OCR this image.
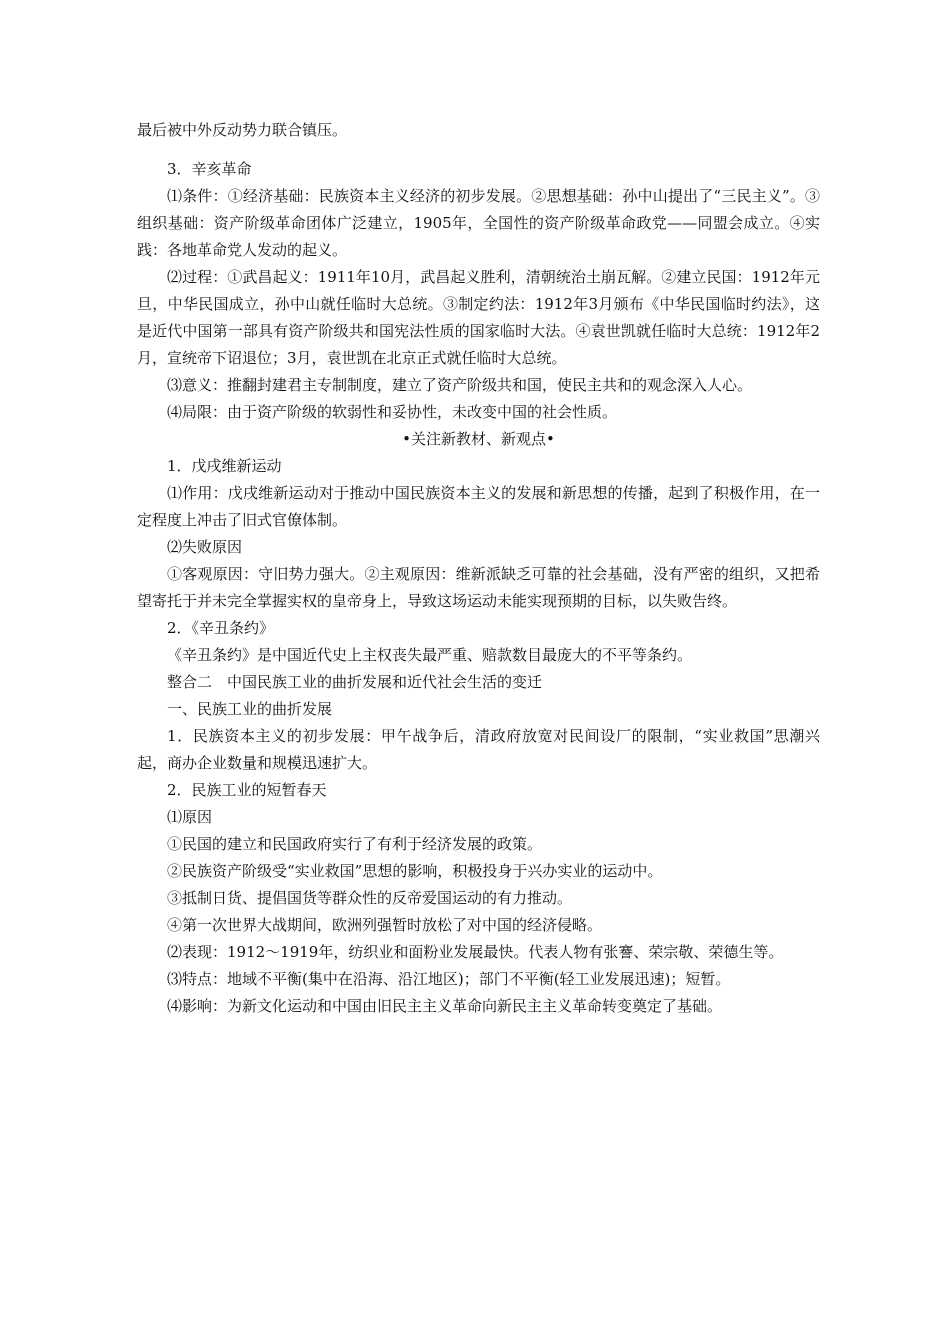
最后被中外反动势力联合镇压。

3．辛亥革命

⑴条件：①经济基础：民族资本主义经济的初步发展。②思想基础：孙中山提出了“三民主义”。③组织基础：资产阶级革命团体广泛建立，1905年，全国性的资产阶级革命政党——同盟会成立。④实践：各地革命党人发动的起义。

⑵过程：①武昌起义：1911年10月，武昌起义胜利，清朝统治土崩瓦解。②建立民国：1912年元旦，中华民国成立，孙中山就任临时大总统。③制定约法：1912年3月颁布《中华民国临时约法》，这是近代中国第一部具有资产阶级共和国宪法性质的国家临时大法。④袁世凯就任临时大总统：1912年2月，宣统帝下诏退位；3月，袁世凯在北京正式就任临时大总统。

⑶意义：推翻封建君主专制制度，建立了资产阶级共和国，使民主共和的观念深入人心。

⑷局限：由于资产阶级的软弱性和妥协性，未改变中国的社会性质。

•关注新教材、新观点•

1．戊戌维新运动

⑴作用：戊戌维新运动对于推动中国民族资本主义的发展和新思想的传播，起到了积极作用，在一定程度上冲击了旧式官僚体制。

⑵失败原因

①客观原因：守旧势力强大。②主观原因：维新派缺乏可靠的社会基础，没有严密的组织，又把希望寄托于并未完全掌握实权的皇帝身上，导致这场运动未能实现预期的目标，以失败告终。

2．《辛丑条约》

《辛丑条约》是中国近代史上主权丧失最严重、赔款数目最庞大的不平等条约。

整合二　中国民族工业的曲折发展和近代社会生活的变迁

一、民族工业的曲折发展

1．民族资本主义的初步发展：甲午战争后，清政府放宽对民间设厂的限制，“实业救国”思潮兴起，商办企业数量和规模迅速扩大。

2．民族工业的短暂春天

⑴原因

①民国的建立和民国政府实行了有利于经济发展的政策。

②民族资产阶级受“实业救国”思想的影响，积极投身于兴办实业的运动中。

③抵制日货、提倡国货等群众性的反帝爱国运动的有力推动。

④第一次世界大战期间，欧洲列强暂时放松了对中国的经济侵略。

⑵表现：1912～1919年，纺织业和面粉业发展最快。代表人物有张謇、荣宗敬、荣德生等。

⑶特点：地域不平衡(集中在沿海、沿江地区)；部门不平衡(轻工业发展迅速)；短暂。

⑷影响：为新文化运动和中国由旧民主主义革命向新民主主义革命转变奠定了基础。
